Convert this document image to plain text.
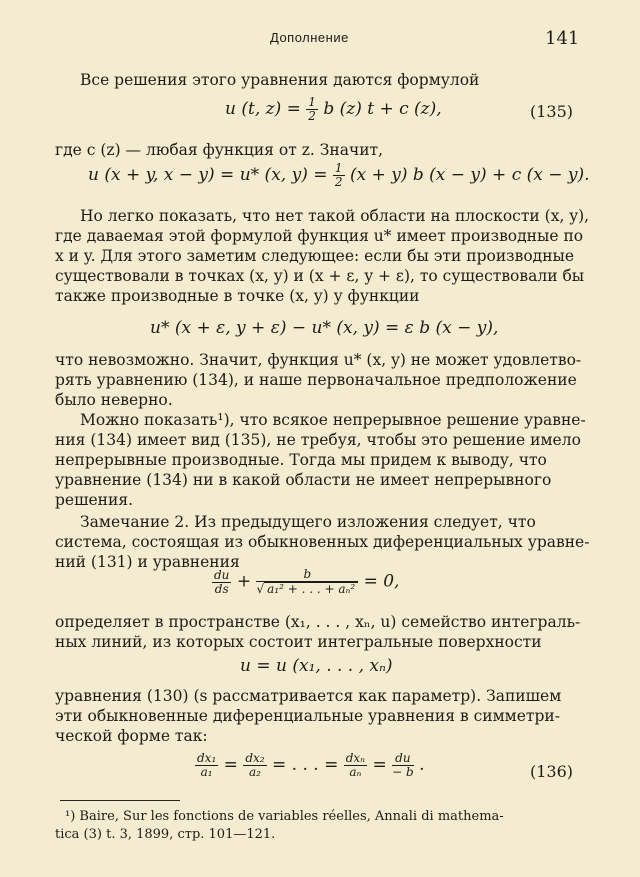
Дополнение	141
Все решения этого уравнения даются формулой
u (t, $z) = \frac{1}{2}$ b (z) t + c (z),	(135)
где c (z) — любая функция от z. Значит,
u (x + y, x − y) = u* (x, $y) = \frac{1}{2} (x + y)$ b (x − y) + c (x − y).
Но легко показать, что нет такой области на плоскости (x, y),
где даваемая этой формулой функция u* имеет производные по
x и y. Для этого заметим следующее: если бы эти производные
существовали в точках (x, y) и (x + ε, y + ε), то существовали бы
также производные в точке (x, y) у функции
u* (x + ε, y + ε) − u* (x, y) = ε b (x − y),
что невозможно. Значит, функция u* (x, y) не может удовлетво-
рять уравнению (134), и наше первоначальное предположение
было неверно.
Можно показать¹), что всякое непрерывное решение уравне-
ния (134) имеет вид (135), не требуя, чтобы это решение имело
непрерывные производные. Тогда мы придем к выводу, что
уравнение (134) ни в какой области не имеет непрерывного
решения.
Замечание 2. Из предыдущего изложения следует, что
система, состоящая из обыкновенных диференциальных уравне-
ний (131) и уравнения
$\frac{du}{ds} + \frac{b}{\text{√ a₁² + . . . + aₙ²}} = 0$,
определяет в пространстве (x₁, . . . , xₙ, u) семейство интеграль-
ных линий, из которых состоит интегральные поверхности
u = u (x₁, . . . , xₙ)
уравнения (130) (s рассматривается как параметр). Запишем
эти обыкновенные диференциальные уравнения в симметри-
ческой форме так:
$\frac{\text{dx₁}}{\text{a₁}} = \frac{\text{dx₂}}{\text{a₂}}$ = . . . = $\frac{\text{dxₙ}}{\text{aₙ}} = \frac{du}{- b}$ .	(136)
¹) Baire, Sur les fonctions de variables réelles, Annali di mathema-
tica (3) t. 3, 1899, стр. 101—121.
